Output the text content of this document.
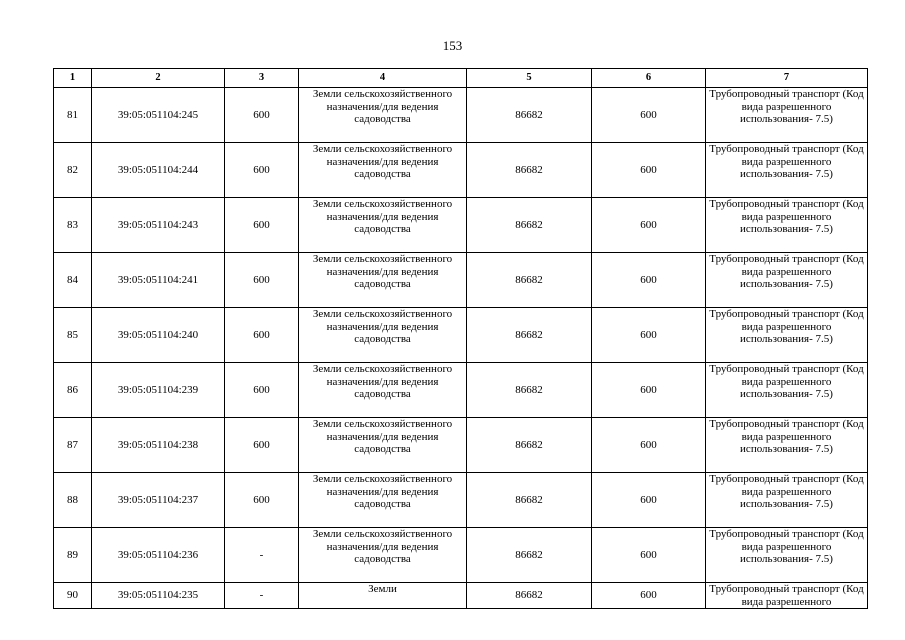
153
1	2	3	4	5	6	7
81	39:05:051104:245	600	Земли сельскохозяйственного назначения/для ведения садоводства	86682	600	Трубопроводный транспорт (Код вида разрешенного использования- 7.5)
82	39:05:051104:244	600	Земли сельскохозяйственного назначения/для ведения садоводства	86682	600	Трубопроводный транспорт (Код вида разрешенного использования- 7.5)
83	39:05:051104:243	600	Земли сельскохозяйственного назначения/для ведения садоводства	86682	600	Трубопроводный транспорт (Код вида разрешенного использования- 7.5)
84	39:05:051104:241	600	Земли сельскохозяйственного назначения/для ведения садоводства	86682	600	Трубопроводный транспорт (Код вида разрешенного использования- 7.5)
85	39:05:051104:240	600	Земли сельскохозяйственного назначения/для ведения садоводства	86682	600	Трубопроводный транспорт (Код вида разрешенного использования- 7.5)
86	39:05:051104:239	600	Земли сельскохозяйственного назначения/для ведения садоводства	86682	600	Трубопроводный транспорт (Код вида разрешенного использования- 7.5)
87	39:05:051104:238	600	Земли сельскохозяйственного назначения/для ведения садоводства	86682	600	Трубопроводный транспорт (Код вида разрешенного использования- 7.5)
88	39:05:051104:237	600	Земли сельскохозяйственного назначения/для ведения садоводства	86682	600	Трубопроводный транспорт (Код вида разрешенного использования- 7.5)
89	39:05:051104:236	-	Земли сельскохозяйственного назначения/для ведения садоводства	86682	600	Трубопроводный транспорт (Код вида разрешенного использования- 7.5)
90	39:05:051104:235	-	Земли	86682	600	Трубопроводный транспорт (Код вида разрешенного
